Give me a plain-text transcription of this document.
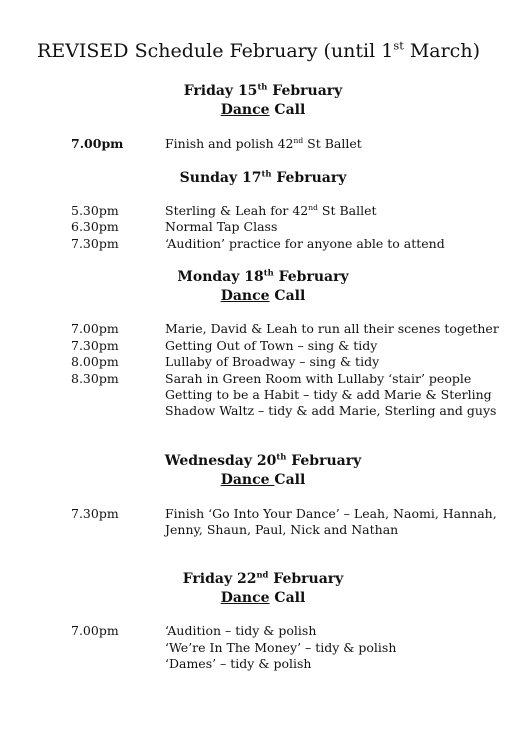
REVISED Schedule February (until 1st March)
Friday 15th February
Dance Call
7.00pm	Finish and polish 42nd St Ballet
Sunday 17th February
5.30pm	Sterling & Leah for 42nd St Ballet
6.30pm	Normal Tap Class
7.30pm	‘Audition’ practice for anyone able to attend
Monday 18th February
Dance Call
7.00pm	Marie, David & Leah to run all their scenes together
7.30pm	Getting Out of Town – sing & tidy
8.00pm	Lullaby of Broadway – sing & tidy
8.30pm	Sarah in Green Room with Lullaby ‘stair’ people
Getting to be a Habit – tidy & add Marie & Sterling
Shadow Waltz – tidy & add Marie, Sterling and guys
Wednesday 20th February
Dance Call
7.30pm	Finish ‘Go Into Your Dance’ – Leah, Naomi, Hannah,
Jenny, Shaun, Paul, Nick and Nathan
Friday 22nd February
Dance Call
7.00pm	‘Audition – tidy & polish
‘We’re In The Money’ – tidy & polish
‘Dames’ – tidy & polish
